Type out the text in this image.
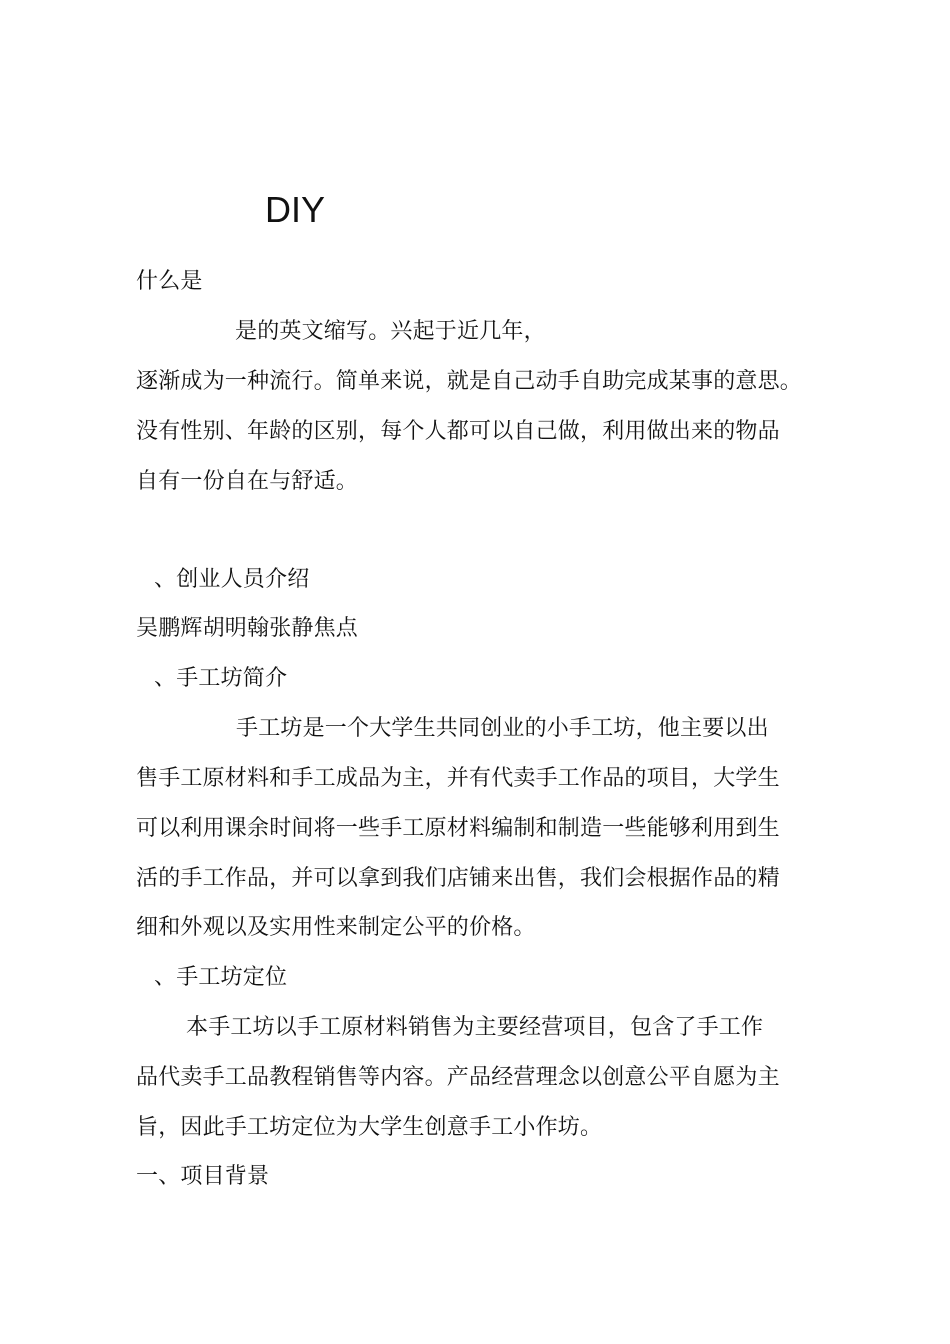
DIY
什么是
是的英文缩写。兴起于近几年，
逐渐成为一种流行。简单来说，就是自己动手自助完成某事的意思。
没有性别、年龄的区别，每个人都可以自己做，利用做出来的物品
自有一份自在与舒适。
、创业人员介绍
吴鹏辉胡明翰张静焦点
、手工坊简介
手工坊是一个大学生共同创业的小手工坊，他主要以出
售手工原材料和手工成品为主，并有代卖手工作品的项目，大学生
可以利用课余时间将一些手工原材料编制和制造一些能够利用到生
活的手工作品，并可以拿到我们店铺来出售，我们会根据作品的精
细和外观以及实用性来制定公平的价格。
、手工坊定位
本手工坊以手工原材料销售为主要经营项目，包含了手工作
品代卖手工品教程销售等内容。产品经营理念以创意公平自愿为主
旨，因此手工坊定位为大学生创意手工小作坊。
一、项目背景
